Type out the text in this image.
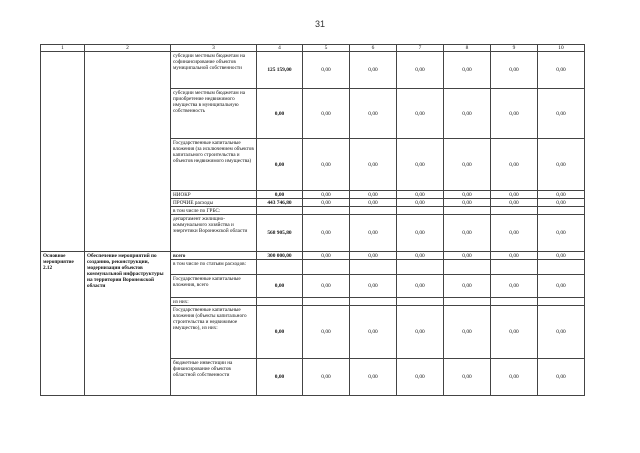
31
1	2	3	4	5	6	7	8	9	10
		субсидии местным бюджетам на софинансирование объектов муниципальной собственности	125 159,00	0,00	0,00	0,00	0,00	0,00	0,00
		субсидии местным бюджетам на приобретение недвижимого имущества в муниципальную собственность	0,00	0,00	0,00	0,00	0,00	0,00	0,00
		Государственные капитальные вложения (за исключением объектов капитального строительства и объектов недвижимого имущества)	0,00	0,00	0,00	0,00	0,00	0,00	0,00
		НИОКР	0,00	0,00	0,00	0,00	0,00	0,00	0,00
		ПРОЧИЕ расходы	443 746,80	0,00	0,00	0,00	0,00	0,00	0,00
		в том числе по ГРБС:							
		департамент жилищно-коммунального хозяйства и энергетики Воронежской области	568 905,80	0,00	0,00	0,00	0,00	0,00	0,00
Основное мероприятие 2.12	Обеспечение мероприятий по созданию, реконструкции, модернизации объектов коммунальной инфраструктуры на территории Воронежской области	всего	300 000,00	0,00	0,00	0,00	0,00	0,00	0,00
		в том числе по статьям расходов:							
		Государственные капитальные вложения, всего	0,00	0,00	0,00	0,00	0,00	0,00	0,00
		из них:							
		Государственные капитальные вложения (объекты капитального строительства и недвижимое имущество), из них:	0,00	0,00	0,00	0,00	0,00	0,00	0,00
		бюджетные инвестиции на финансирование объектов областной собственности	0,00	0,00	0,00	0,00	0,00	0,00	0,00
